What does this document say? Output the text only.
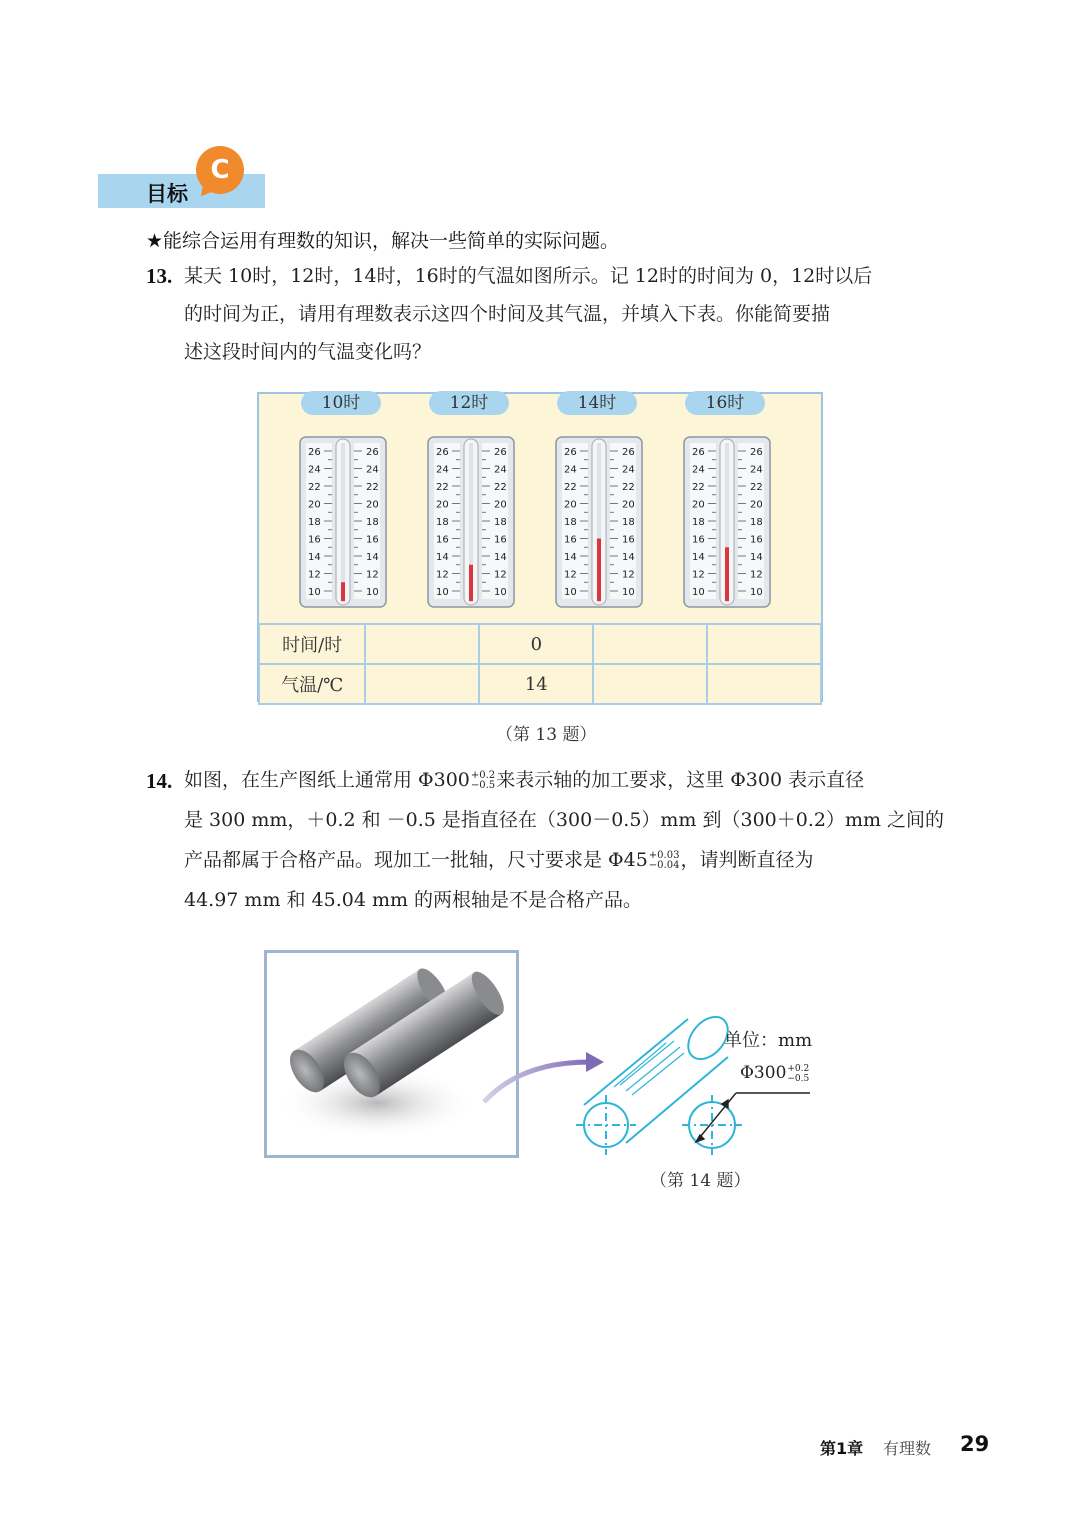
C
目标
★能综合运用有理数的知识，解决一些简单的实际问题。
13. 某天 10时，12时，14时，16时的气温如图所示。记 12时的时间为 0，12时以后
的时间为正，请用有理数表示这四个时间及其气温，并填入下表。你能简要描
述这段时间内的气温变化吗？
10时	12时	14时	16时
26	26
24	24
22	22
20	20
18	18
16	16
14	14
12	12
10	10
26	26
24	24
22	22
20	20
18	18
16	16
14	14
12	12
10	10
26	26
24	24
22	22
20	20
18	18
16	16
14	14
12	12
10	10
26	26
24	24
22	22
20	20
18	18
16	16
14	14
12	12
10	10
时间/时		0		
气温/℃		14		
（第 13 题）
14. 如图，在生产图纸上通常用 Φ300 +0.2
−0.5 来表示轴的加工要求，这里 Φ300 表示直径
是 300 mm，＋0.2 和 －0.5 是指直径在（300－0.5）mm 到（300＋0.2）mm 之间的
产品都属于合格产品。现加工一批轴，尺寸要求是 Φ45 +0.03
−0.04 ，请判断直径为
44.97 mm 和 45.04 mm 的两根轴是不是合格产品。
单位：mm
Φ300 +0.2
−0.5
（第 14 题）
第1章 有理数 29
